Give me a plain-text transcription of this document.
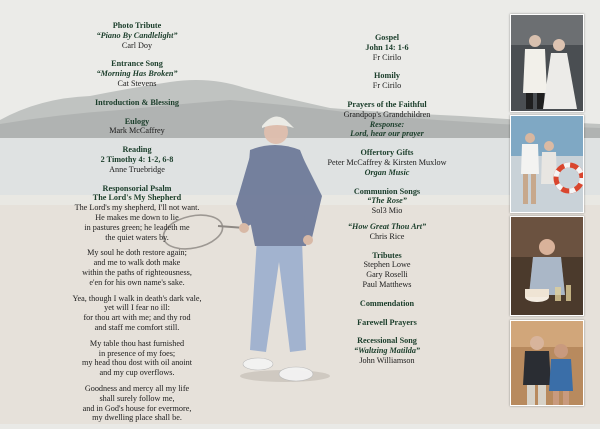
Photo Tribute

“Piano By Candlelight”

Carl Doy

Entrance Song

“Morning Has Broken”

Cat Stevens

Introduction & Blessing

Eulogy

Mark McCaffrey

Reading

2 Timothy 4: 1-2, 6-8

Anne Truebridge

Responsorial Psalm

The Lord's My Shepherd

The Lord's my shepherd, I'll not want.

He makes me down to lie

in pastures green; he leadeth me

the quiet waters by.

My soul he doth restore again;

and me to walk doth make

within the paths of righteousness,

e'en for his own name's sake.

Yea, though I walk in death's dark vale,

yet will I fear no ill:

for thou art with me; and thy rod

and staff me comfort still.

My table thou hast furnished

in presence of my foes;

my head thou dost with oil anoint

and my cup overflows.

Goodness and mercy all my life

shall surely follow me,

and in God's house for evermore,

my dwelling place shall be.

Gospel

John 14: 1-6

Fr Cirilo

Homily

Fr Cirilo

Prayers of the Faithful

Grandpop's Grandchildren

Response:

Lord, hear our prayer

Offertory Gifts

Peter McCaffrey & Kirsten Muxlow

Organ Music

Communion Songs

“The Rose”

Sol3 Mio

“How Great Thou Art”

Chris Rice

Tributes

Stephen Lowe

Gary Roselli

Paul Matthews

Commendation

Farewell Prayers

Recessional Song

“Waltzing Matilda”

John Williamson
